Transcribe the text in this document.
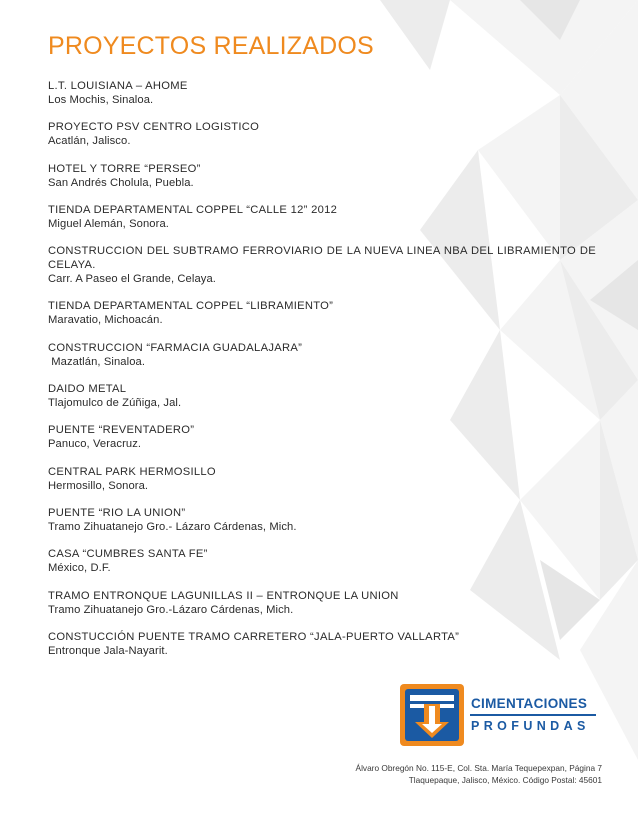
PROYECTOS REALIZADOS
L.T. LOUISIANA – AHOME
Los Mochis, Sinaloa.
PROYECTO PSV CENTRO LOGISTICO
Acatlán, Jalisco.
HOTEL Y TORRE “PERSEO”
San Andrés Cholula, Puebla.
TIENDA DEPARTAMENTAL COPPEL “CALLE 12” 2012
Miguel Alemán, Sonora.
CONSTRUCCION DEL SUBTRAMO FERROVIARIO DE LA NUEVA LINEA NBA DEL LIBRAMIENTO DE CELAYA.
Carr. A Paseo el Grande, Celaya.
TIENDA DEPARTAMENTAL COPPEL “LIBRAMIENTO”
Maravatio, Michoacán.
CONSTRUCCION “FARMACIA GUADALAJARA”
Mazatlán, Sinaloa.
DAIDO METAL
Tlajomulco de Zúñiga, Jal.
PUENTE “REVENTADERO”
Panuco, Veracruz.
CENTRAL PARK HERMOSILLO
Hermosillo, Sonora.
PUENTE “RIO LA UNION”
Tramo Zihuatanejo Gro.- Lázaro Cárdenas, Mich.
CASA “CUMBRES SANTA FE”
México, D.F.
TRAMO ENTRONQUE LAGUNILLAS II – ENTRONQUE LA UNION
Tramo Zihuatanejo Gro.-Lázaro Cárdenas, Mich.
CONSTUCCIÓN PUENTE TRAMO CARRETERO “JALA-PUERTO VALLARTA”
Entronque Jala-Nayarit.
CIMENTACIONES
PROFUNDAS
Álvaro Obregón No. 115-E, Col. Sta. María Tequepexpan, Página 7
Tlaquepaque, Jalisco, México. Código Postal: 45601
